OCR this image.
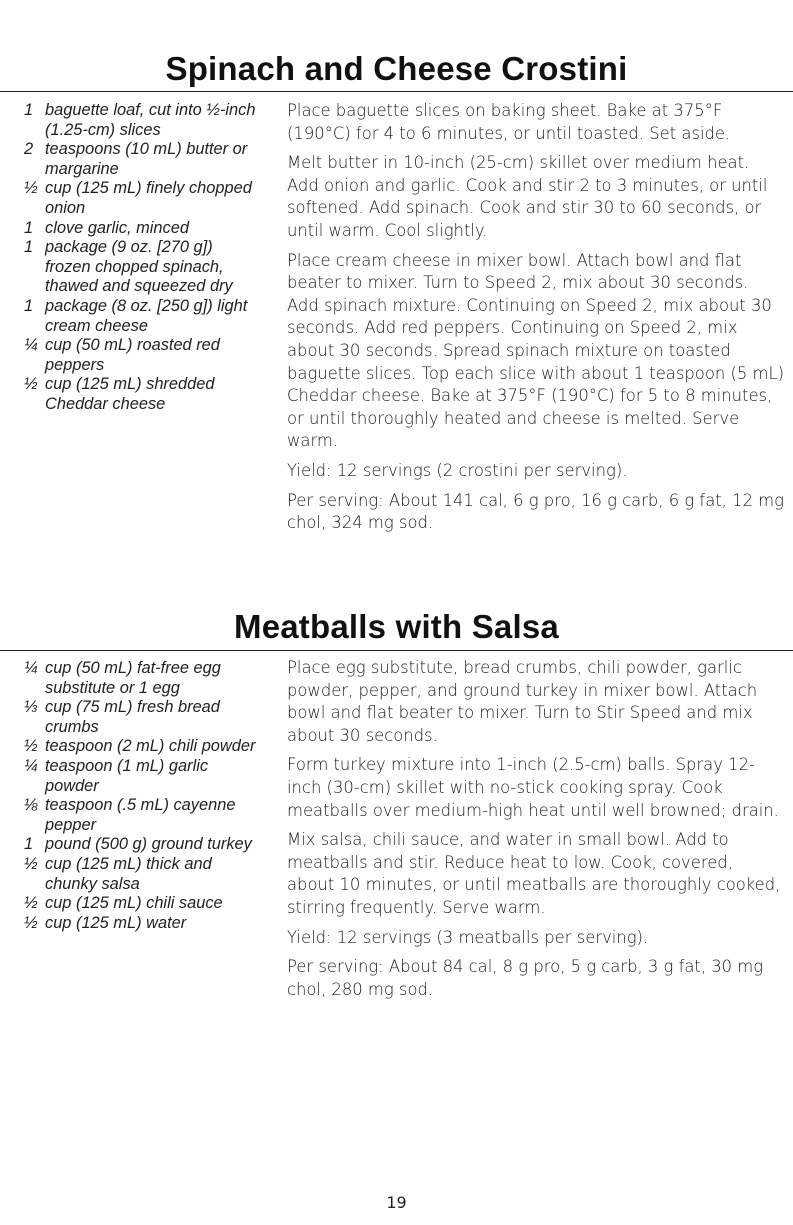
Spinach and Cheese Crostini
1 baguette loaf, cut into ½-inch (1.25-cm) slices
2 teaspoons (10 mL) butter or margarine
½ cup (125 mL) finely chopped onion
1 clove garlic, minced
1 package (9 oz. [270 g]) frozen chopped spinach, thawed and squeezed dry
1 package (8 oz. [250 g]) light cream cheese
¼ cup (50 mL) roasted red peppers
½ cup (125 mL) shredded Cheddar cheese

Place baguette slices on baking sheet. Bake at 375°F (190°C) for 4 to 6 minutes, or until toasted. Set aside.

Melt butter in 10-inch (25-cm) skillet over medium heat. Add onion and garlic. Cook and stir 2 to 3 minutes, or until softened. Add spinach. Cook and stir 30 to 60 seconds, or until warm. Cool slightly.

Place cream cheese in mixer bowl. Attach bowl and flat beater to mixer. Turn to Speed 2, mix about 30 seconds. Add spinach mixture. Continuing on Speed 2, mix about 30 seconds. Add red peppers. Continuing on Speed 2, mix about 30 seconds. Spread spinach mixture on toasted baguette slices. Top each slice with about 1 teaspoon (5 mL) Cheddar cheese. Bake at 375°F (190°C) for 5 to 8 minutes, or until thoroughly heated and cheese is melted. Serve warm.

Yield: 12 servings (2 crostini per serving).

Per serving: About 141 cal, 6 g pro, 16 g carb, 6 g fat, 12 mg chol, 324 mg sod.

Meatballs with Salsa
¼ cup (50 mL) fat-free egg substitute or 1 egg
⅓ cup (75 mL) fresh bread crumbs
½ teaspoon (2 mL) chili powder
¼ teaspoon (1 mL) garlic powder
⅛ teaspoon (.5 mL) cayenne pepper
1 pound (500 g) ground turkey
½ cup (125 mL) thick and chunky salsa
½ cup (125 mL) chili sauce
½ cup (125 mL) water

Place egg substitute, bread crumbs, chili powder, garlic powder, pepper, and ground turkey in mixer bowl. Attach bowl and flat beater to mixer. Turn to Stir Speed and mix about 30 seconds.

Form turkey mixture into 1-inch (2.5-cm) balls. Spray 12-inch (30-cm) skillet with no-stick cooking spray. Cook meatballs over medium-high heat until well browned; drain.

Mix salsa, chili sauce, and water in small bowl. Add to meatballs and stir. Reduce heat to low. Cook, covered, about 10 minutes, or until meatballs are thoroughly cooked, stirring frequently. Serve warm.

Yield: 12 servings (3 meatballs per serving).

Per serving: About 84 cal, 8 g pro, 5 g carb, 3 g fat, 30 mg chol, 280 mg sod.

19
